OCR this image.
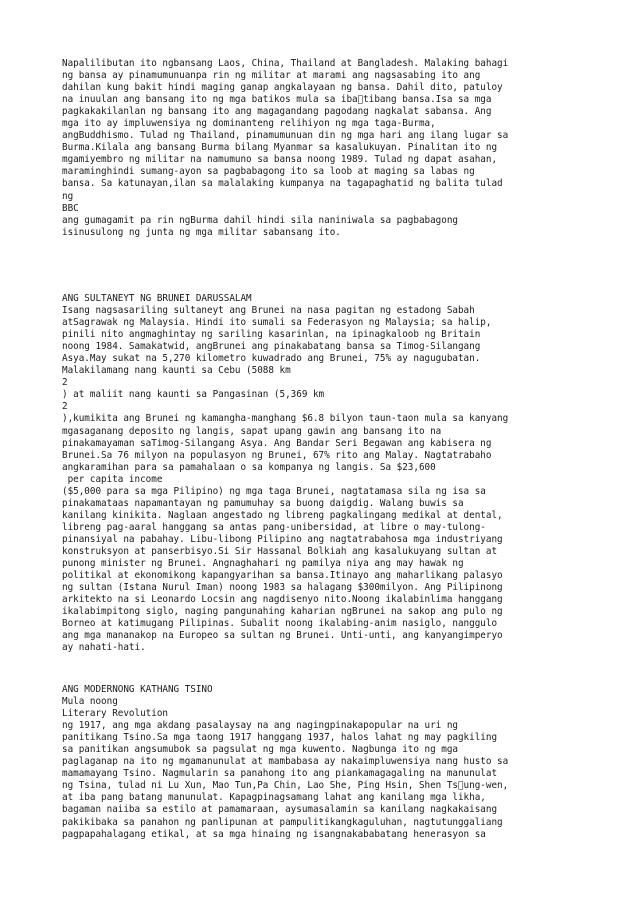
Napalilibutan ito ngbansang Laos, China, Thailand at Bangladesh. Malaking bahagi
ng bansa ay pinamumunuanpa rin ng militar at marami ang nagsasabing ito ang
dahilan kung bakit hindi maging ganap angkalayaan ng bansa. Dahil dito, patuloy
na inuulan ang bansang ito ng mga batikos mula sa iba tibang bansa.Isa sa mga
pagkakakilanlan ng bansang ito ang magagandang pagodang nagkalat sabansa. Ang
mga ito ay impluwensiya ng dominanteng relihiyon ng mga taga-Burma,
angBuddhismo. Tulad ng Thailand, pinamumunuan din ng mga hari ang ilang lugar sa
Burma.Kilala ang bansang Burma bilang Myanmar sa kasalukuyan. Pinalitan ito ng
mgamiyembro ng militar na namumuno sa bansa noong 1989. Tulad ng dapat asahan,
maraminghindi sumang-ayon sa pagbabagong ito sa loob at maging sa labas ng
bansa. Sa katunayan,ilan sa malalaking kumpanya na tagapaghatid ng balita tulad
ng
BBC
ang gumagamit pa rin ngBurma dahil hindi sila naniniwala sa pagbabagong
isinusulong ng junta ng mga militar sabansang ito.
ANG SULTANEYT NG BRUNEI DARUSSALAM
Isang nagsasariling sultaneyt ang Brunei na nasa pagitan ng estadong Sabah
atSagrawak ng Malaysia. Hindi ito sumali sa Federasyon ng Malaysia; sa halip,
pinili nito angmaghintay ng sariling kasarinlan, na ipinagkaloob ng Britain
noong 1984. Samakatwid, angBrunei ang pinakabatang bansa sa Timog-Silangang
Asya.May sukat na 5,270 kilometro kuwadrado ang Brunei, 75% ay nagugubatan.
Malakilamang nang kaunti sa Cebu (5088 km
2
) at maliit nang kaunti sa Pangasinan (5,369 km
2
),kumikita ang Brunei ng kamangha-manghang $6.8 bilyon taun-taon mula sa kanyang
mgasaganang deposito ng langis, sapat upang gawin ang bansang ito na
pinakamayaman saTimog-Silangang Asya. Ang Bandar Seri Begawan ang kabisera ng
Brunei.Sa 76 milyon na populasyon ng Brunei, 67% rito ang Malay. Nagtatrabaho
angkaramihan para sa pamahalaan o sa kompanya ng langis. Sa $23,600
per capita income
($5,000 para sa mga Pilipino) ng mga taga Brunei, nagtatamasa sila ng isa sa
pinakamataas napamantayan ng pamumuhay sa buong daigdig. Walang buwis sa
kanilang kinikita. Naglaan angestado ng libreng pagkalingang medikal at dental,
libreng pag-aaral hanggang sa antas pang-unibersidad, at libre o may-tulong-
pinansiyal na pabahay. Libu-libong Pilipino ang nagtatrabahosa mga industriyang
konstruksyon at panserbisyo.Si Sir Hassanal Bolkiah ang kasalukuyang sultan at
punong minister ng Brunei. Angnaghahari ng pamilya niya ang may hawak ng
politikal at ekonomikong kapangyarihan sa bansa.Itinayo ang maharlikang palasyo
ng sultan (Istana Nurul Iman) noong 1983 sa halagang $300milyon. Ang Pilipinong
arkitekto na si Leonardo Locsin ang nagdisenyo nito.Noong ikalabinlima hanggang
ikalabimpitong siglo, naging pangunahing kaharian ngBrunei na sakop ang pulo ng
Borneo at katimugang Pilipinas. Subalit noong ikalabing-anim nasiglo, nanggulo
ang mga mananakop na Europeo sa sultan ng Brunei. Unti-unti, ang kanyangimperyo
ay nahati-hati.
ANG MODERNONG KATHANG TSINO
Mula noong
Literary Revolution
ng 1917, ang mga akdang pasalaysay na ang nagingpinakapopular na uri ng
panitikang Tsino.Sa mga taong 1917 hanggang 1937, halos lahat ng may pagkiling
sa panitikan angsumubok sa pagsulat ng mga kuwento. Nagbunga ito ng mga
paglaganap na ito ng mgamanunulat at mambabasa ay nakaimpluwensiya nang husto sa
mamamayang Tsino. Nagmularin sa panahong ito ang piankamagagaling na manunulat
ng Tsina, tulad ni Lu Xun, Mao Tun,Pa Chin, Lao She, Ping Hsin, Shen Ts ung-wen,
at iba pang batang manunulat. Kapagpinagsamang lahat ang kanilang mga likha,
bagaman naiiba sa estilo at pamamaraan, aysumasalamin sa kanilang nagkakaisang
pakikibaka sa panahon ng panlipunan at pampulitikangkaguluhan, nagtutunggaliang
pagpapahalagang etikal, at sa mga hinaing ng isangnakababatang henerasyon sa
